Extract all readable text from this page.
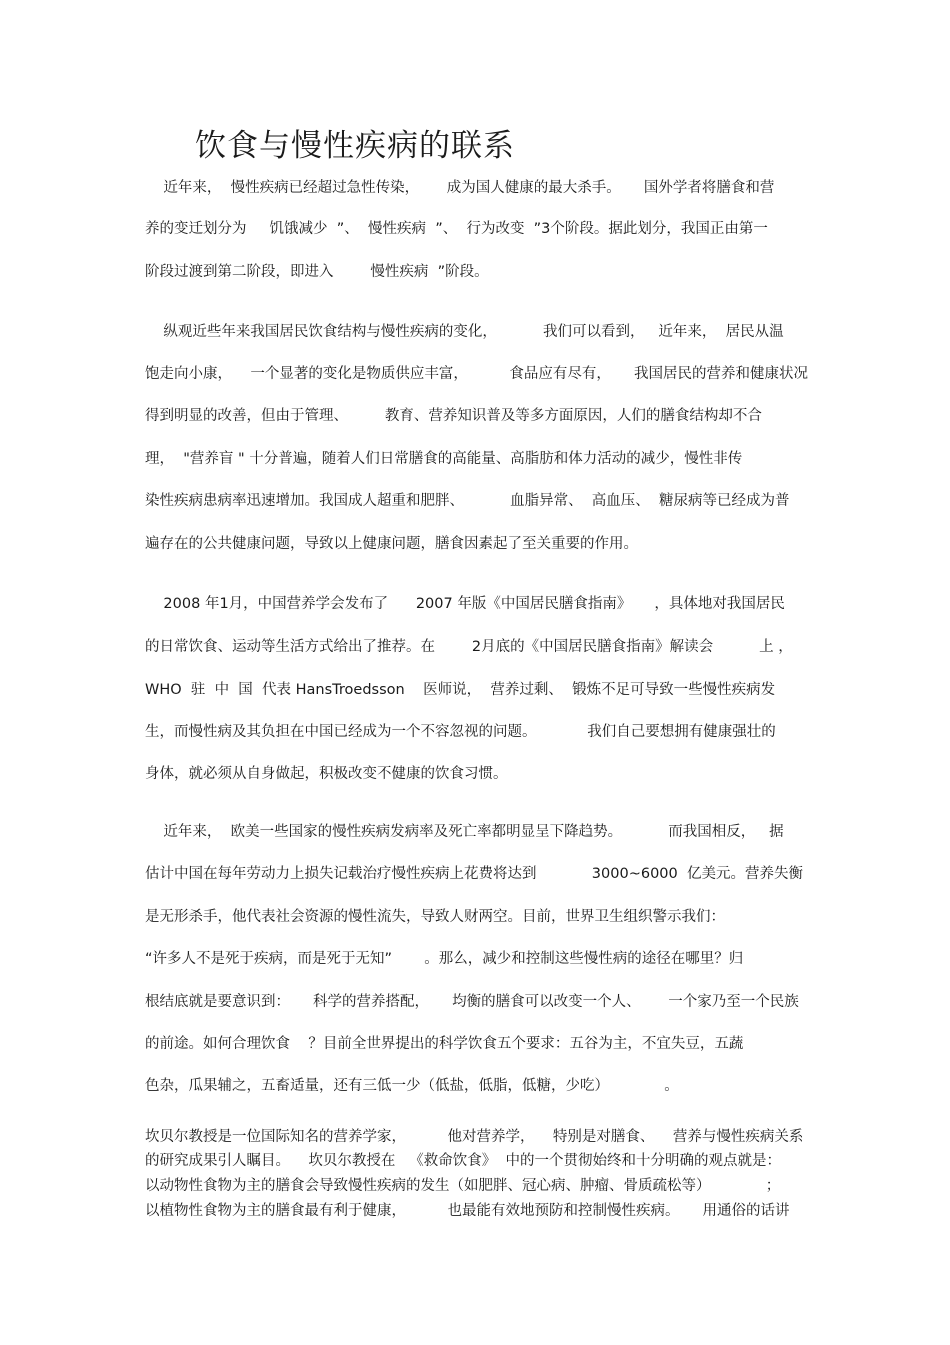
饮食与慢性疾病的联系
近年来，  慢性疾病已经超过急性传染，      成为国人健康的最大杀手。     国外学者将膳食和营
养的变迁划分为     饥饿减少  ”、  慢性疾病  ”、  行为改变  ”3个阶段。据此划分，我国正由第一
阶段过渡到第二阶段，即进入        慢性疾病  ”阶段。
纵观近些年来我国居民饮食结构与慢性疾病的变化，          我们可以看到，   近年来，  居民从温
饱走向小康，    一个显著的变化是物质供应丰富，         食品应有尽有，     我国居民的营养和健康状况
得到明显的改善，但由于管理、        教育、营养知识普及等多方面原因，人们的膳食结构却不合
理，  "营养盲 " 十分普遍，随着人们日常膳食的高能量、高脂肪和体力活动的减少，慢性非传
染性疾病患病率迅速增加。我国成人超重和肥胖、          血脂异常、  高血压、  糖尿病等已经成为普
遍存在的公共健康问题，导致以上健康问题，膳食因素起了至关重要的作用。
2008 年1月，中国营养学会发布了      2007 年版《中国居民膳食指南》     ，具体地对我国居民
的日常饮食、运动等生活方式给出了推荐。在        2月底的《中国居民膳食指南》解读会          上 ，
WHO  驻  中  国  代表 HansTroedsson    医师说，  营养过剩、  锻炼不足可导致一些慢性疾病发
生，而慢性病及其负担在中国已经成为一个不容忽视的问题。           我们自己要想拥有健康强壮的
身体，就必须从自身做起，积极改变不健康的饮食习惯。
近年来，  欧美一些国家的慢性疾病发病率及死亡率都明显呈下降趋势。          而我国相反，   据
估计中国在每年劳动力上损失记载治疗慢性疾病上花费将达到            3000~6000  亿美元。营养失衡
是无形杀手，他代表社会资源的慢性流失，导致人财两空。目前，世界卫生组织警示我们：
“许多人不是死于疾病，而是死于无知”       。那么，减少和控制这些慢性病的途径在哪里？归
根结底就是要意识到：     科学的营养搭配，     均衡的膳食可以改变一个人、      一个家乃至一个民族
的前途。如何合理饮食    ？目前全世界提出的科学饮食五个要求：五谷为主，不宜失豆，五蔬
色杂，瓜果辅之，五畜适量，还有三低一少（低盐，低脂，低糖，少吃）            。
坎贝尔教授是一位国际知名的营养学家，         他对营养学，    特别是对膳食、    营养与慢性疾病关系
的研究成果引人瞩目。    坎贝尔教授在   《救命饮食》  中的一个贯彻始终和十分明确的观点就是：
以动物性食物为主的膳食会导致慢性疾病的发生（如肥胖、冠心病、肿瘤、骨质疏松等）            ；
以植物性食物为主的膳食最有利于健康，         也最能有效地预防和控制慢性疾病。     用通俗的话讲
